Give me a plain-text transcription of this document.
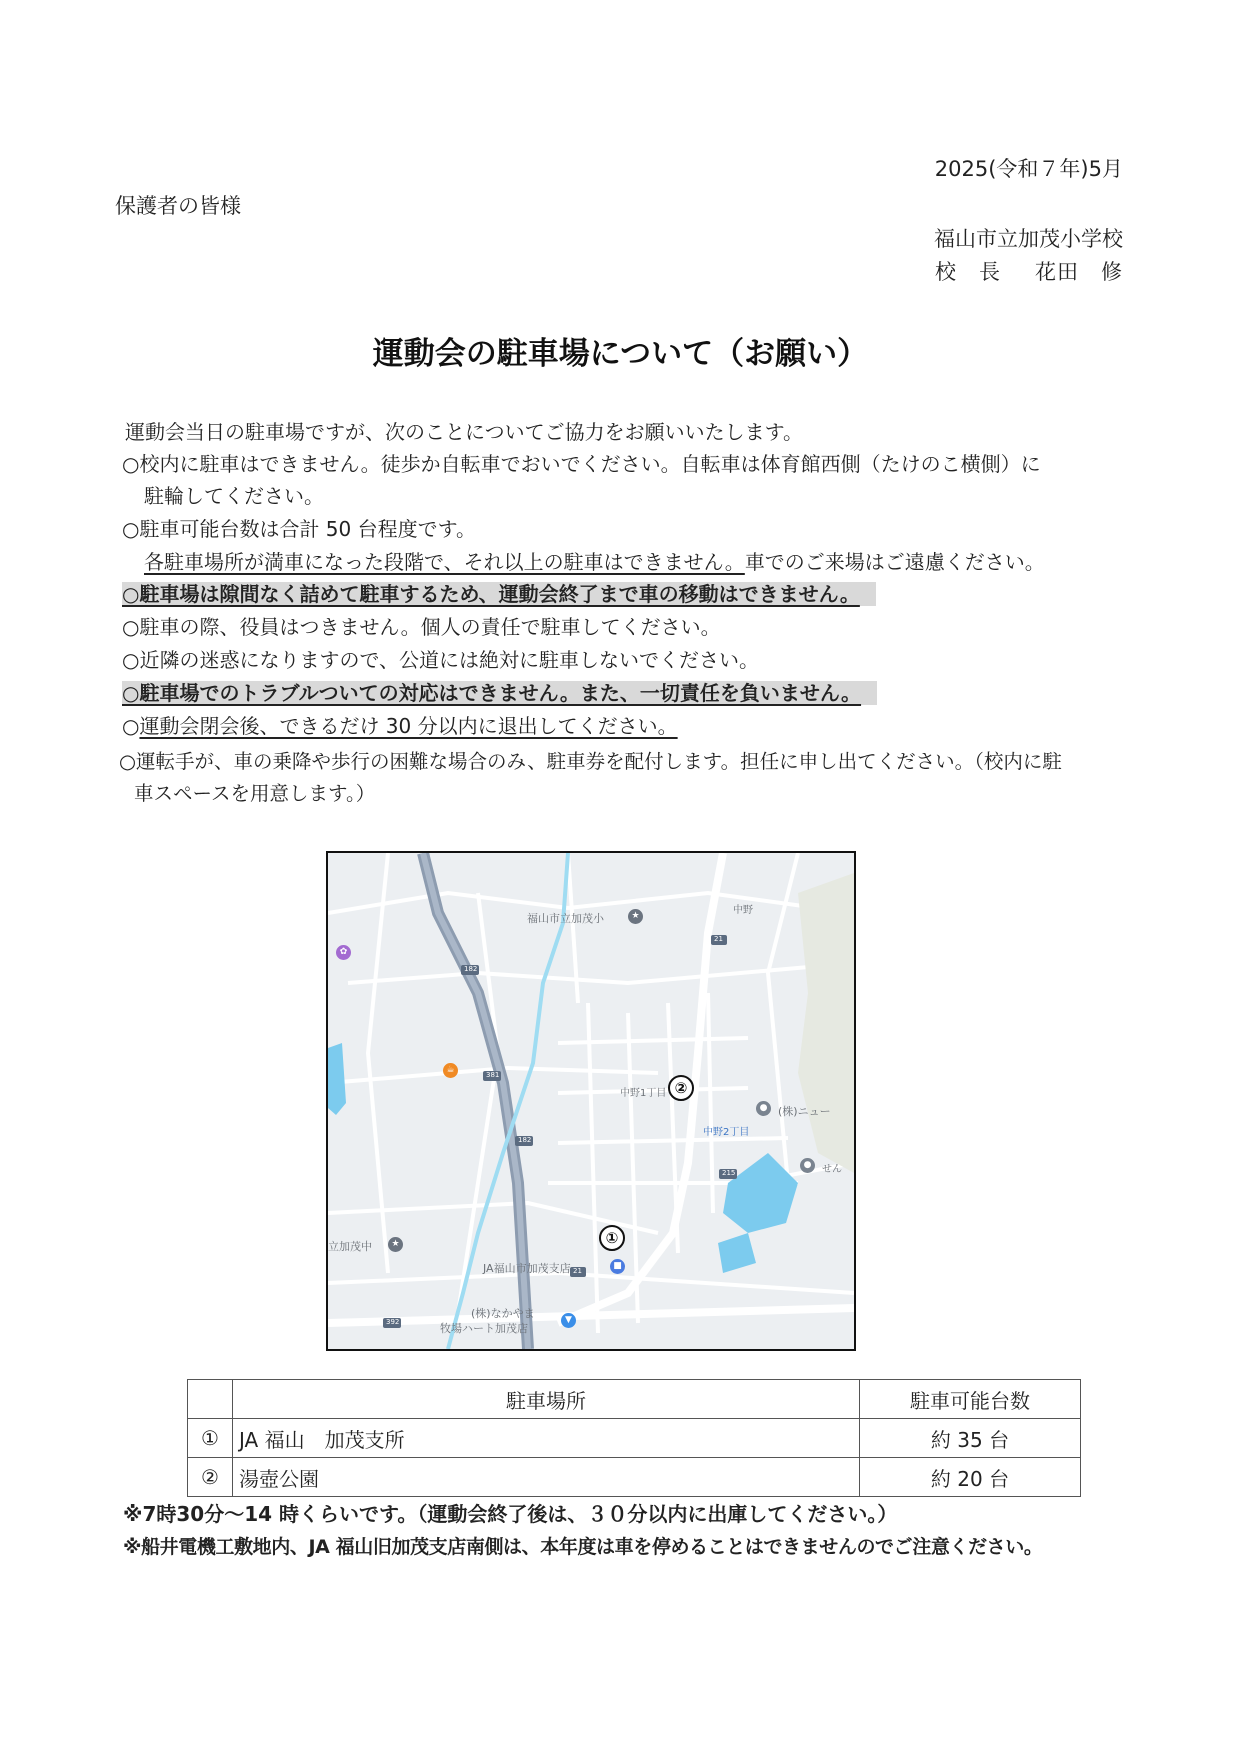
2025(令和７年)5月
保護者の皆様
福山市立加茂小学校
校　長 花田　修
運動会の駐車場について（お願い）
運動会当日の駐車場ですが、次のことについてご協力をお願いいたします。
○校内に駐車はできません。徒歩か自転車でおいでください。自転車は体育館西側（たけのこ横側）に
駐輪してください。
○駐車可能台数は合計 50 台程度です。
各駐車場所が満車になった段階で、それ以上の駐車はできません。車でのご来場はご遠慮ください。
○駐車場は隙間なく詰めて駐車するため、運動会終了まで車の移動はできません。
○駐車の際、役員はつきません。個人の責任で駐車してください。
○近隣の迷惑になりますので、公道には絶対に駐車しないでください。
○駐車場でのトラブルついての対応はできません。また、一切責任を負いません。
○運動会閉会後、できるだけ 30 分以内に退出してください。
○運転手が、車の乗降や歩行の困難な場合のみ、駐車券を配付します。担任に申し出てください。（校内に駐
車スペースを用意します。）
福山市立加茂小	★	中野
中野1丁目
中野2丁目
● (株)ニュー
●	せん
✿
☕
立加茂中	★
JA福山市加茂支店	■
(株)なかやま
牧場ハート加茂店
▼
21
182
381
182
215
21
392
②
①
	駐車場所	駐車可能台数
①	JA 福山　加茂支所	約 35 台
②	湯壺公園	約 20 台
※7時30分～14 時くらいです。（運動会終了後は、３０分以内に出庫してください。）
※船井電機工敷地内、JA 福山旧加茂支店南側は、本年度は車を停めることはできませんのでご注意ください。
